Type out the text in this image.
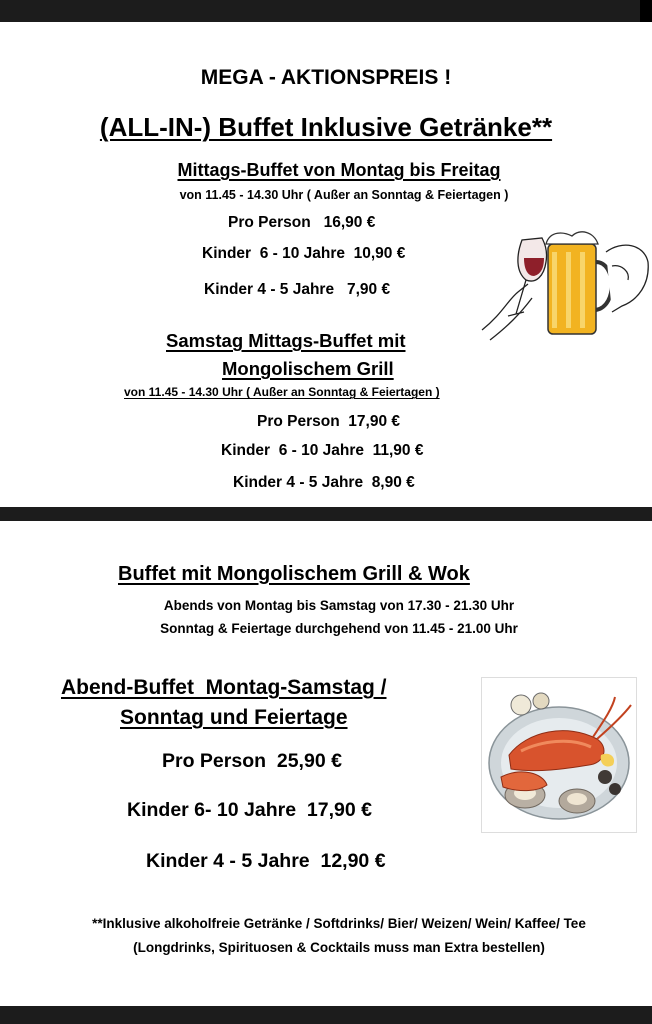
MEGA - AKTIONSPREIS !
(ALL-IN-) Buffet Inklusive Getränke**
Mittags-Buffet von Montag bis Freitag
von 11.45 - 14.30 Uhr ( Außer an Sonntag & Feiertagen )
Pro Person   16,90 €
Kinder  6 - 10 Jahre  10,90 €
Kinder 4 - 5 Jahre   7,90 €
Samstag Mittags-Buffet mit
Mongolischem Grill
von 11.45 - 14.30 Uhr ( Außer an Sonntag & Feiertagen )
Pro Person  17,90 €
Kinder  6 - 10 Jahre  11,90 €
Kinder 4 - 5 Jahre  8,90 €
Buffet mit Mongolischem Grill & Wok
Abends von Montag bis Samstag von 17.30 - 21.30 Uhr
Sonntag & Feiertage durchgehend von 11.45 - 21.00 Uhr
Abend-Buffet  Montag-Samstag /
Sonntag und Feiertage
Pro Person  25,90 €
Kinder 6- 10 Jahre  17,90 €
Kinder 4 - 5 Jahre  12,90 €
**Inklusive alkoholfreie Getränke / Softdrinks/ Bier/ Weizen/ Wein/ Kaffee/ Tee
(Longdrinks, Spirituosen & Cocktails muss man Extra bestellen)
